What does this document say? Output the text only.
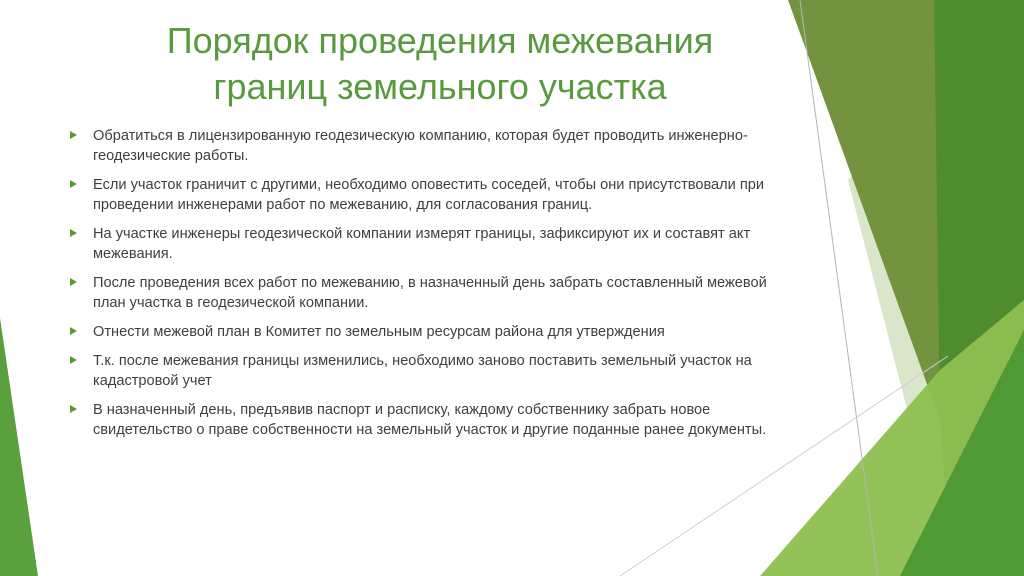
Порядок проведения межевания
границ земельного участка
Обратиться в лицензированную геодезическую компанию, которая будет проводить инженерно-геодезические работы.
Если участок граничит с другими, необходимо оповестить соседей, чтобы они присутствовали при проведении инженерами работ по межеванию, для согласования границ.
На участке инженеры геодезической компании измерят границы, зафиксируют их и составят акт межевания.
После проведения всех работ по межеванию, в назначенный день забрать составленный межевой план участка в геодезической компании.
Отнести межевой план в Комитет по земельным ресурсам района для утверждения
Т.к. после межевания границы изменились, необходимо заново поставить земельный участок на кадастровой учет
В назначенный день, предъявив паспорт и расписку, каждому собственнику забрать новое свидетельство о праве собственности на земельный участок и другие поданные ранее документы.
